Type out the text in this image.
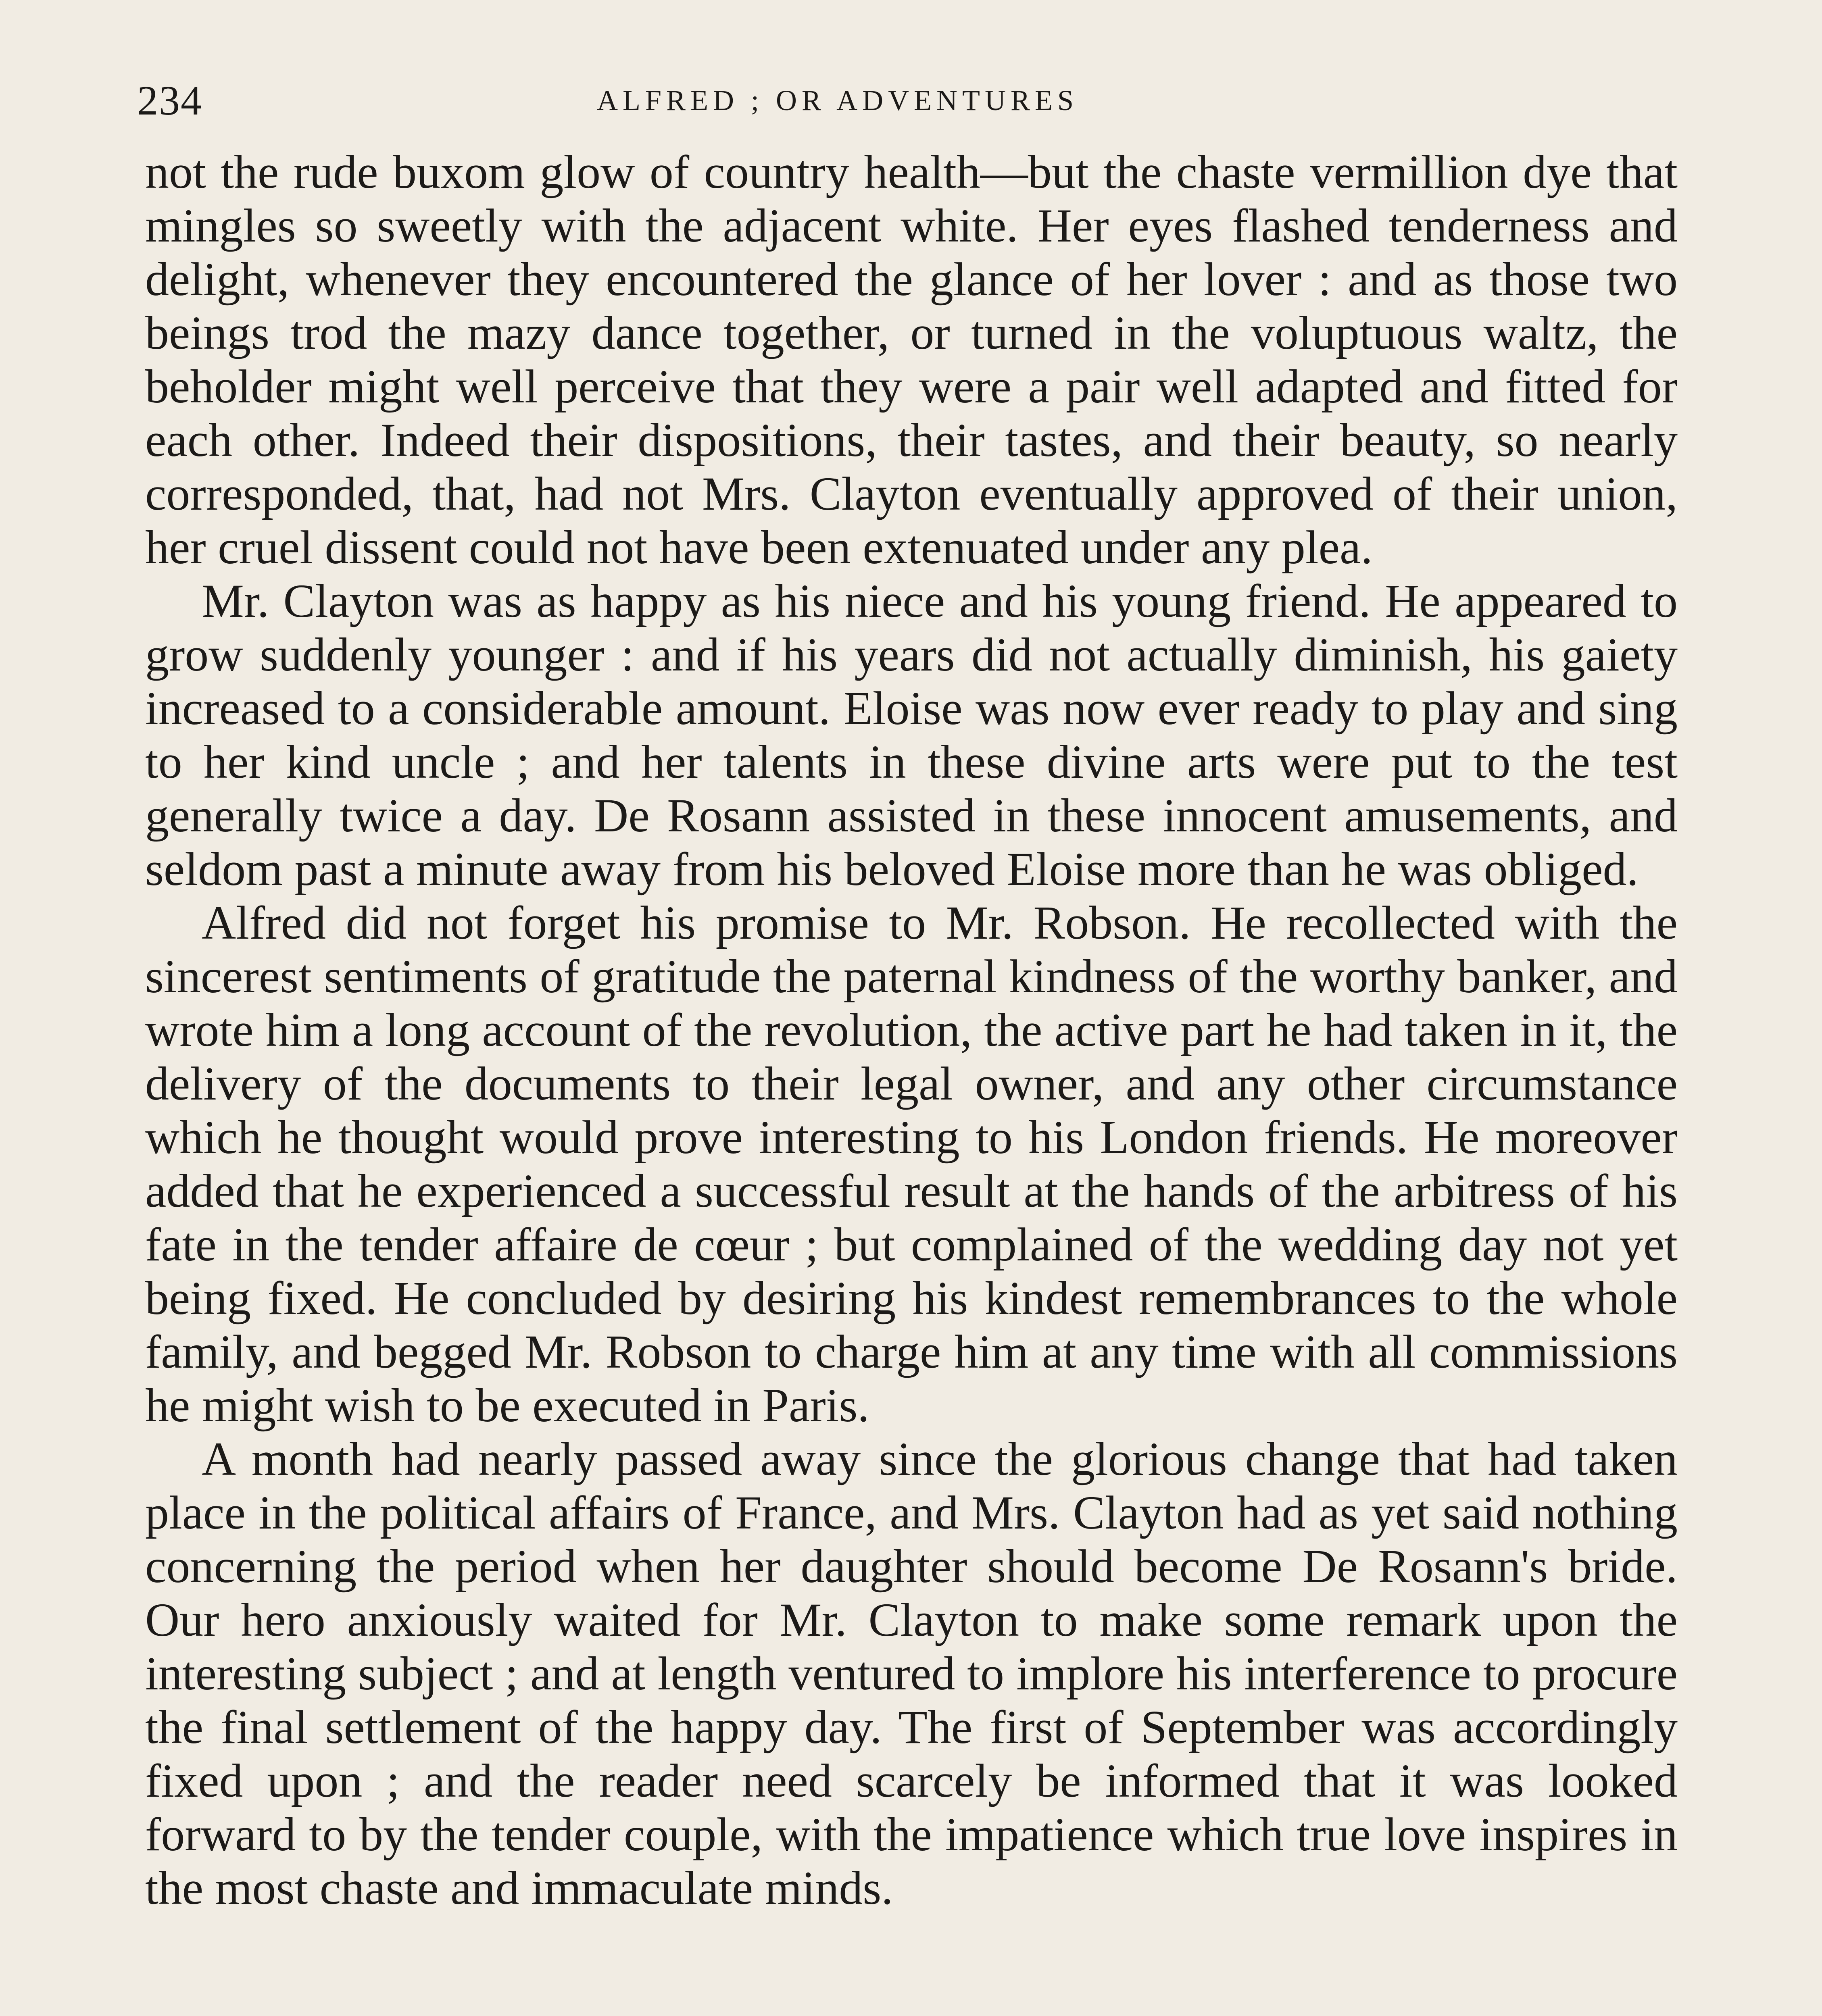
234	ALFRED ; OR ADVENTURES

not the rude buxom glow of country health—but the chaste vermillion dye that mingles so sweetly with the adjacent white. Her eyes flashed tenderness and delight, whenever they encountered the glance of her lover : and as those two beings trod the mazy dance together, or turned in the voluptuous waltz, the beholder might well perceive that they were a pair well adapted and fitted for each other. Indeed their dispositions, their tastes, and their beauty, so nearly corresponded, that, had not Mrs. Clayton eventually approved of their union, her cruel dissent could not have been extenuated under any plea.

Mr. Clayton was as happy as his niece and his young friend. He appeared to grow suddenly younger : and if his years did not actually diminish, his gaiety increased to a considerable amount. Eloise was now ever ready to play and sing to her kind uncle ; and her talents in these divine arts were put to the test generally twice a day. De Rosann assisted in these innocent amusements, and seldom past a minute away from his beloved Eloise more than he was obliged.

Alfred did not forget his promise to Mr. Robson. He recollected with the sincerest sentiments of gratitude the paternal kindness of the worthy banker, and wrote him a long account of the revolution, the active part he had taken in it, the delivery of the documents to their legal owner, and any other circumstance which he thought would prove interesting to his London friends. He moreover added that he experienced a successful result at the hands of the arbitress of his fate in the tender affaire de cœur ; but complained of the wedding day not yet being fixed. He concluded by desiring his kindest remembrances to the whole family, and begged Mr. Robson to charge him at any time with all commissions he might wish to be executed in Paris.

A month had nearly passed away since the glorious change that had taken place in the political affairs of France, and Mrs. Clayton had as yet said nothing concerning the period when her daughter should become De Rosann's bride. Our hero anxiously waited for Mr. Clayton to make some remark upon the interesting subject ; and at length ventured to implore his interference to procure the final settlement of the happy day. The first of September was accordingly fixed upon ; and the reader need scarcely be informed that it was looked forward to by the tender couple, with the impatience which true love inspires in the most chaste and immaculate minds.
